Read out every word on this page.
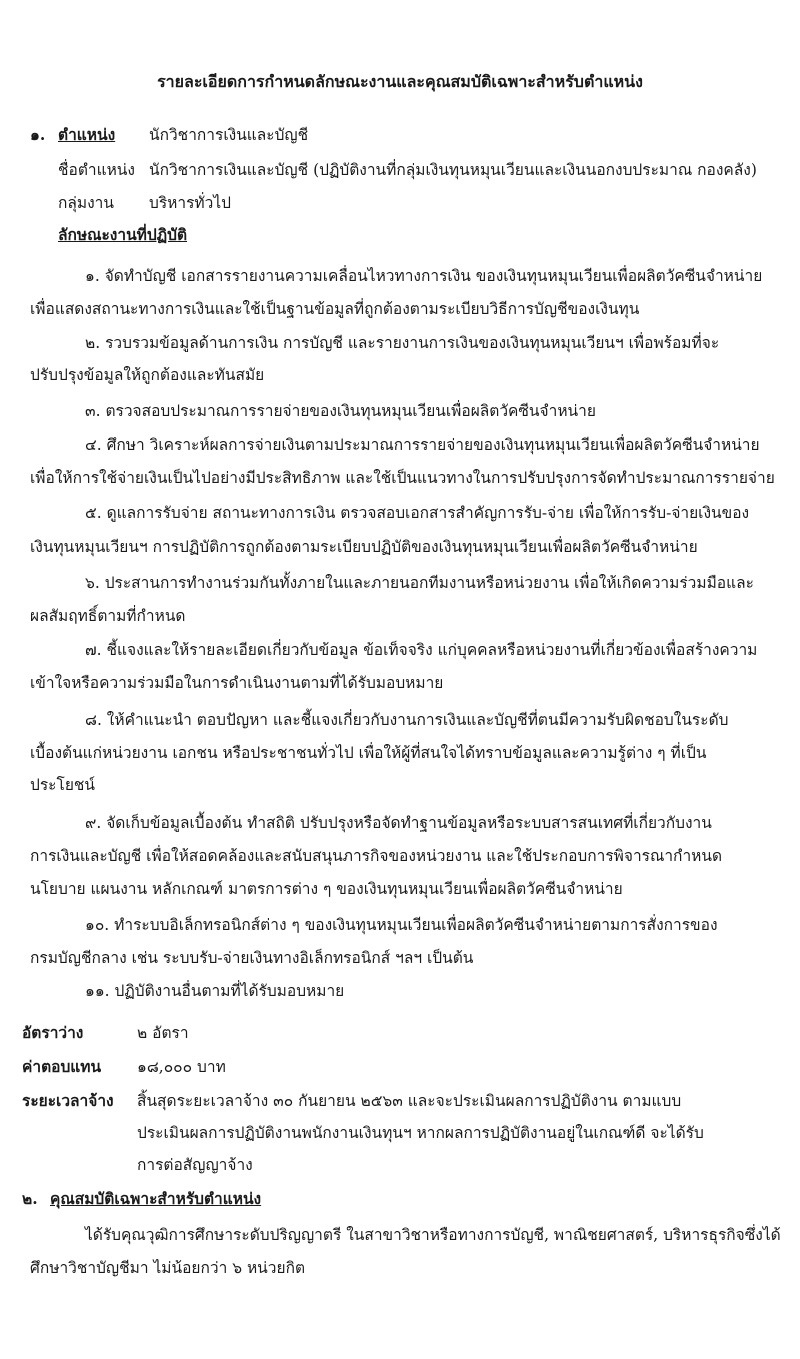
รายละเอียดการกำหนดลักษณะงานและคุณสมบัติเฉพาะสำหรับตำแหน่ง
๑. ตำแหน่ง นักวิชาการเงินและบัญชี
ชื่อตำแหน่ง นักวิชาการเงินและบัญชี (ปฏิบัติงานที่กลุ่มเงินทุนหมุนเวียนและเงินนอกงบประมาณ กองคลัง)
กลุ่มงาน บริหารทั่วไป
ลักษณะงานที่ปฏิบัติ
๑. จัดทำบัญชี เอกสารรายงานความเคลื่อนไหวทางการเงิน ของเงินทุนหมุนเวียนเพื่อผลิตวัคซีนจำหน่าย
เพื่อแสดงสถานะทางการเงินและใช้เป็นฐานข้อมูลที่ถูกต้องตามระเบียบวิธีการบัญชีของเงินทุน
๒. รวบรวมข้อมูลด้านการเงิน การบัญชี และรายงานการเงินของเงินทุนหมุนเวียนฯ เพื่อพร้อมที่จะ
ปรับปรุงข้อมูลให้ถูกต้องและทันสมัย
๓. ตรวจสอบประมาณการรายจ่ายของเงินทุนหมุนเวียนเพื่อผลิตวัคซีนจำหน่าย
๔. ศึกษา วิเคราะห์ผลการจ่ายเงินตามประมาณการรายจ่ายของเงินทุนหมุนเวียนเพื่อผลิตวัคซีนจำหน่าย
เพื่อให้การใช้จ่ายเงินเป็นไปอย่างมีประสิทธิภาพ และใช้เป็นแนวทางในการปรับปรุงการจัดทำประมาณการรายจ่าย
๕. ดูแลการรับจ่าย สถานะทางการเงิน ตรวจสอบเอกสารสำคัญการรับ-จ่าย เพื่อให้การรับ-จ่ายเงินของ
เงินทุนหมุนเวียนฯ การปฏิบัติการถูกต้องตามระเบียบปฏิบัติของเงินทุนหมุนเวียนเพื่อผลิตวัคซีนจำหน่าย
๖. ประสานการทำงานร่วมกันทั้งภายในและภายนอกทีมงานหรือหน่วยงาน เพื่อให้เกิดความร่วมมือและ
ผลสัมฤทธิ์ตามที่กำหนด
๗. ชี้แจงและให้รายละเอียดเกี่ยวกับข้อมูล ข้อเท็จจริง แก่บุคคลหรือหน่วยงานที่เกี่ยวข้องเพื่อสร้างความ
เข้าใจหรือความร่วมมือในการดำเนินงานตามที่ได้รับมอบหมาย
๘. ให้คำแนะนำ ตอบปัญหา และชี้แจงเกี่ยวกับงานการเงินและบัญชีที่ตนมีความรับผิดชอบในระดับ
เบื้องต้นแก่หน่วยงาน เอกชน หรือประชาชนทั่วไป เพื่อให้ผู้ที่สนใจได้ทราบข้อมูลและความรู้ต่าง ๆ ที่เป็น
ประโยชน์
๙. จัดเก็บข้อมูลเบื้องต้น ทำสถิติ ปรับปรุงหรือจัดทำฐานข้อมูลหรือระบบสารสนเทศที่เกี่ยวกับงาน
การเงินและบัญชี เพื่อให้สอดคล้องและสนับสนุนภารกิจของหน่วยงาน และใช้ประกอบการพิจารณากำหนด
นโยบาย แผนงาน หลักเกณฑ์ มาตรการต่าง ๆ ของเงินทุนหมุนเวียนเพื่อผลิตวัคซีนจำหน่าย
๑๐. ทำระบบอิเล็กทรอนิกส์ต่าง ๆ ของเงินทุนหมุนเวียนเพื่อผลิตวัคซีนจำหน่ายตามการสั่งการของ
กรมบัญชีกลาง เช่น ระบบรับ-จ่ายเงินทางอิเล็กทรอนิกส์ ฯลฯ เป็นต้น
๑๑. ปฏิบัติงานอื่นตามที่ได้รับมอบหมาย
อัตราว่าง	๒ อัตรา
ค่าตอบแทน ๑๘,๐๐๐ บาท
ระยะเวลาจ้าง สิ้นสุดระยะเวลาจ้าง ๓๐ กันยายน ๒๕๖๓ และจะประเมินผลการปฏิบัติงาน ตามแบบ
ประเมินผลการปฏิบัติงานพนักงานเงินทุนฯ หากผลการปฏิบัติงานอยู่ในเกณฑ์ดี จะได้รับ
การต่อสัญญาจ้าง
๒. คุณสมบัติเฉพาะสำหรับตำแหน่ง
ได้รับคุณวุฒิการศึกษาระดับปริญญาตรี ในสาขาวิชาหรือทางการบัญชี, พาณิชยศาสตร์, บริหารธุรกิจซึ่งได้
ศึกษาวิชาบัญชีมา ไม่น้อยกว่า ๖ หน่วยกิต
